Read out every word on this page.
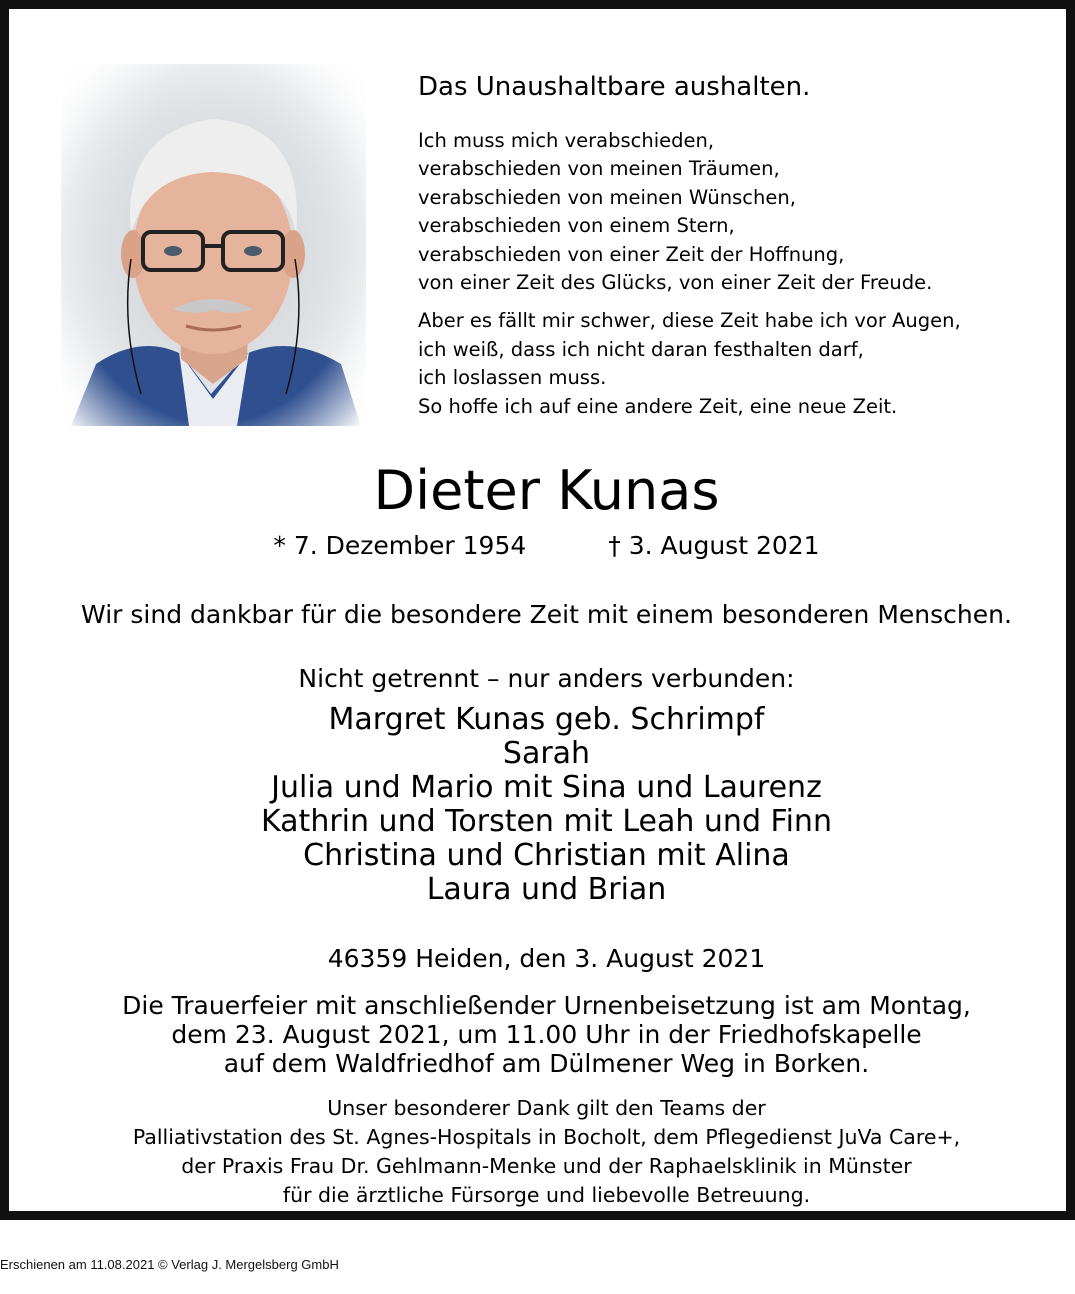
Das Unaushaltbare aushalten.
Ich muss mich verabschieden,
verabschieden von meinen Träumen,
verabschieden von meinen Wünschen,
verabschieden von einem Stern,
verabschieden von einer Zeit der Hoffnung,
von einer Zeit des Glücks, von einer Zeit der Freude.
Aber es fällt mir schwer, diese Zeit habe ich vor Augen,
ich weiß, dass ich nicht daran festhalten darf,
ich loslassen muss.
So hoffe ich auf eine andere Zeit, eine neue Zeit.
Dieter Kunas
* 7. Dezember 1954	† 3. August 2021
Wir sind dankbar für die besondere Zeit mit einem besonderen Menschen.
Nicht getrennt – nur anders verbunden:
Margret Kunas geb. Schrimpf
Sarah
Julia und Mario mit Sina und Laurenz
Kathrin und Torsten mit Leah und Finn
Christina und Christian mit Alina
Laura und Brian
46359 Heiden, den 3. August 2021
Die Trauerfeier mit anschließender Urnenbeisetzung ist am Montag,
dem 23. August 2021, um 11.00 Uhr in der Friedhofskapelle
auf dem Waldfriedhof am Dülmener Weg in Borken.
Unser besonderer Dank gilt den Teams der
Palliativstation des St. Agnes-Hospitals in Bocholt, dem Pflegedienst JuVa Care+,
der Praxis Frau Dr. Gehlmann-Menke und der Raphaelsklinik in Münster
für die ärztliche Fürsorge und liebevolle Betreuung.
Erschienen am 11.08.2021 © Verlag J. Mergelsberg GmbH
